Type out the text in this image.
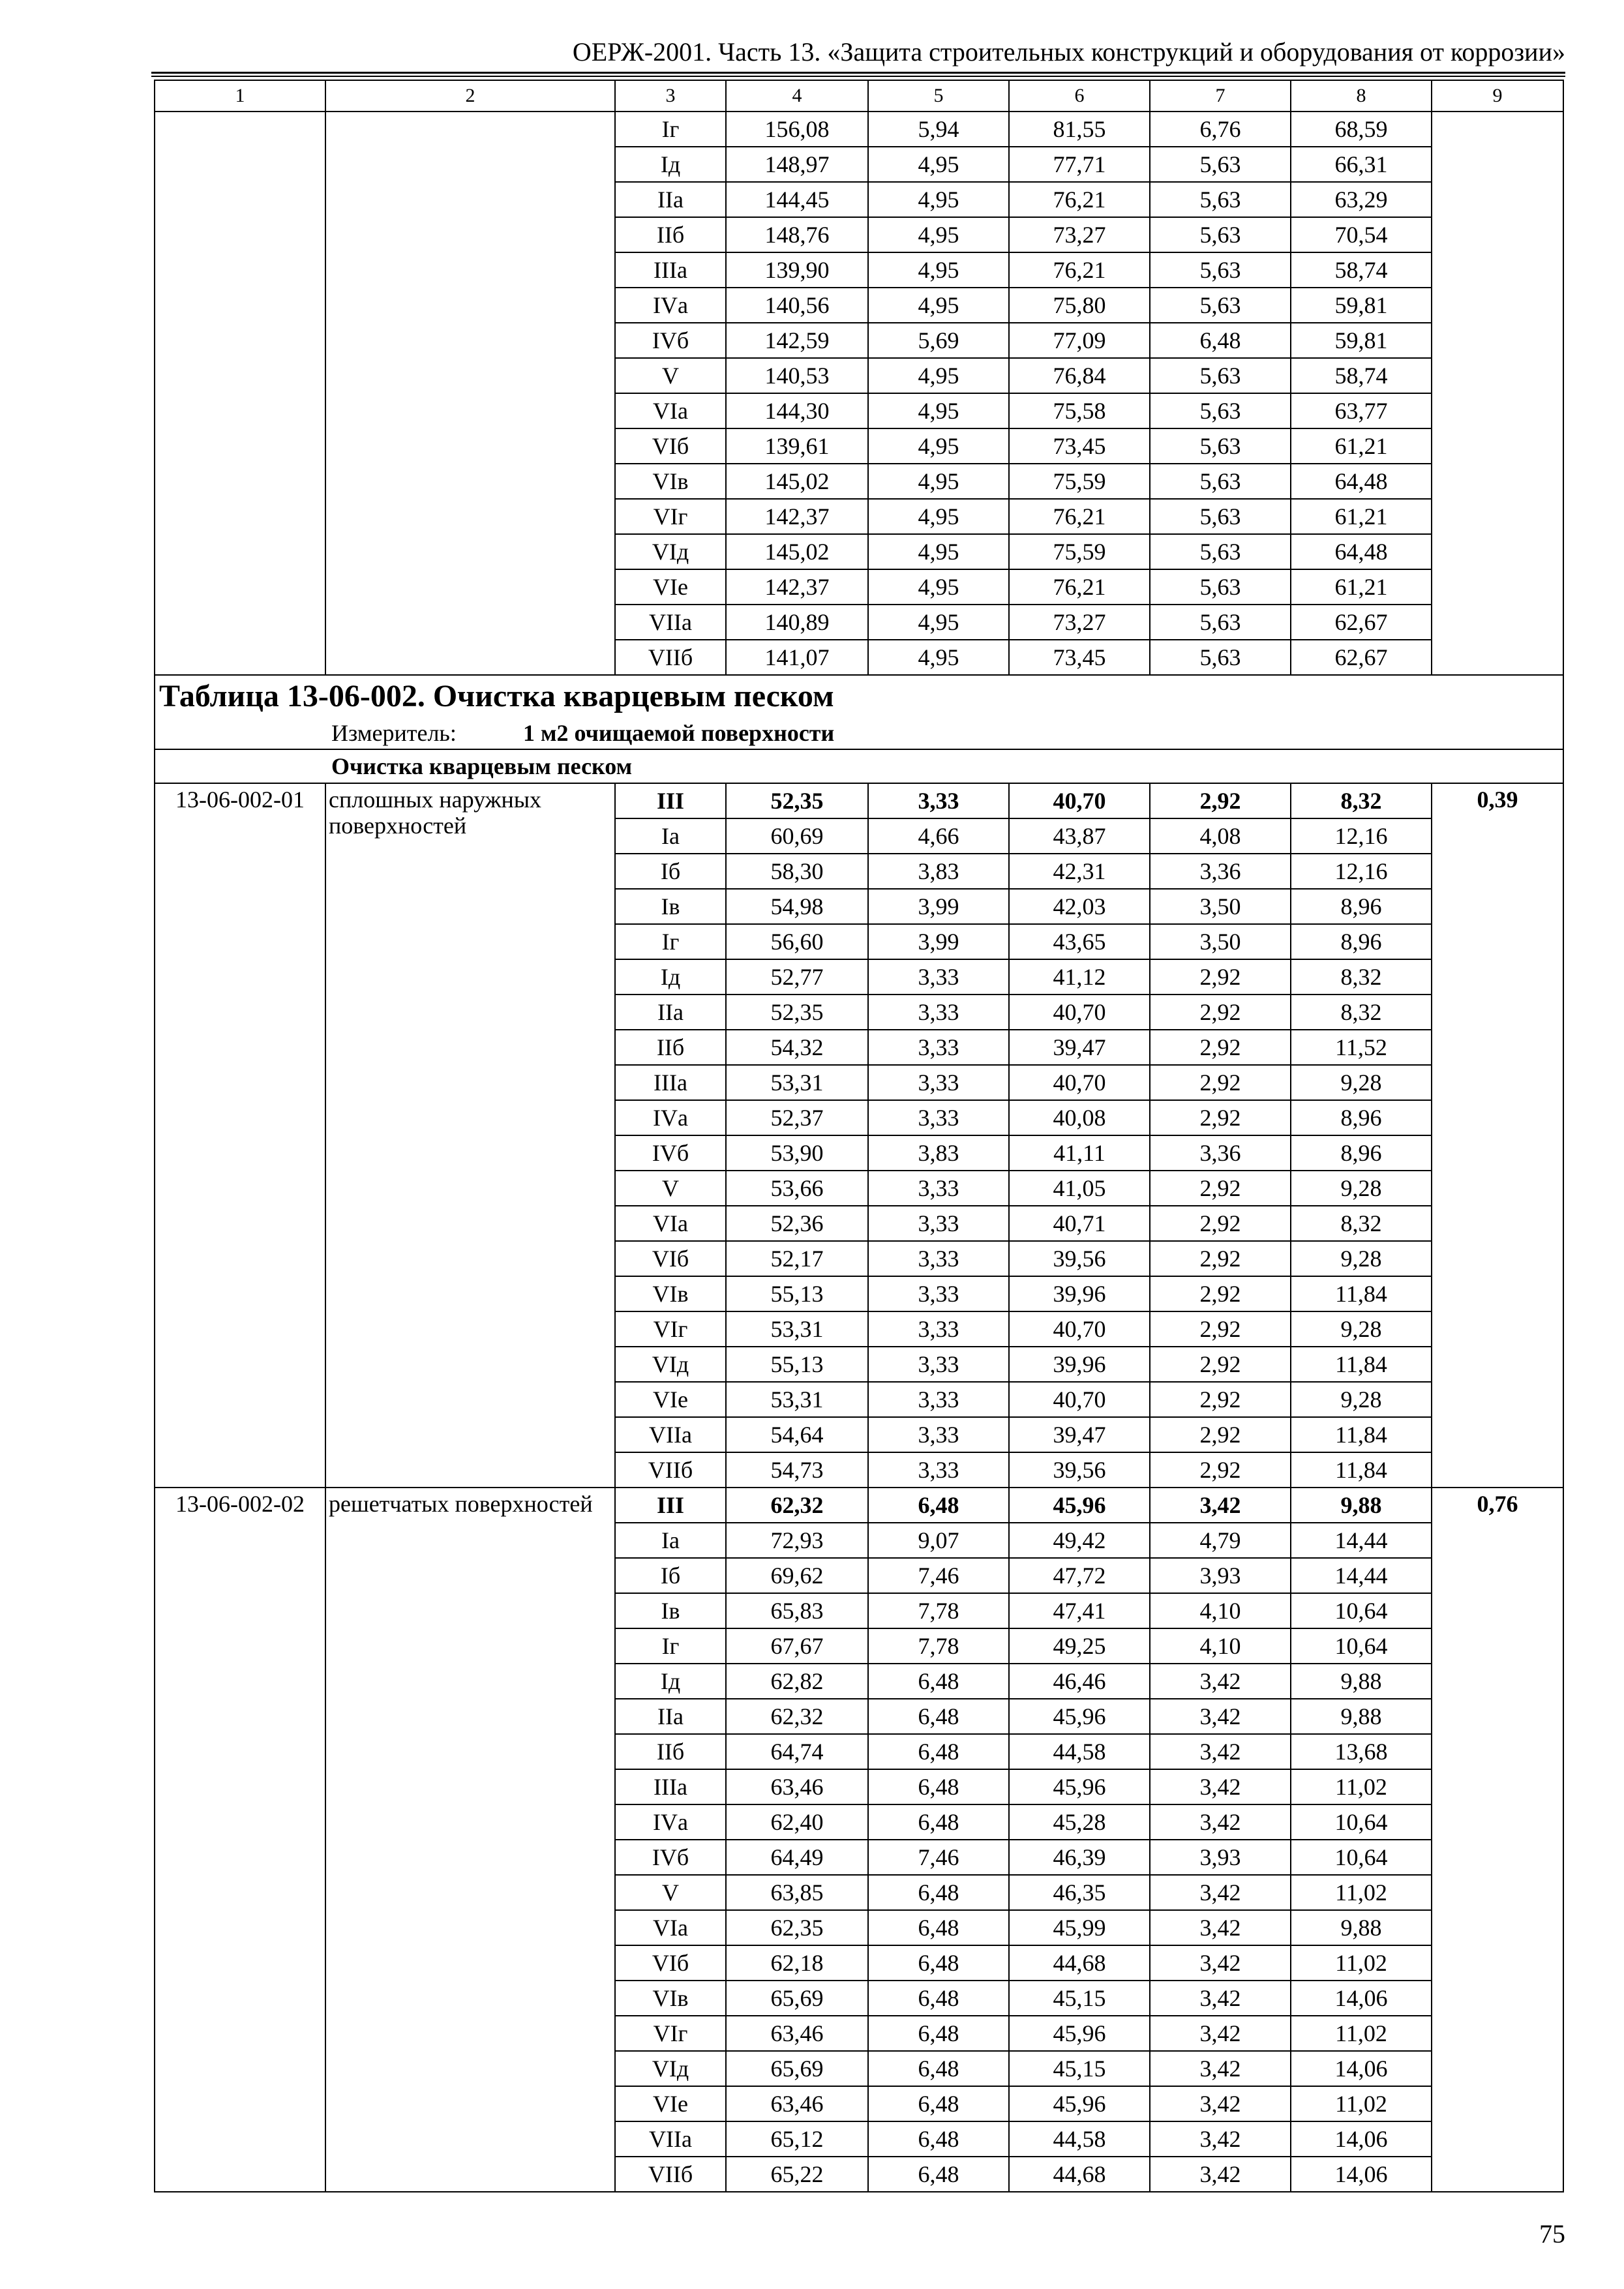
ОЕРЖ-2001. Часть 13. «Защита строительных конструкций и оборудования от коррозии»
1	2	3	4	5	6	7	8	9
		Iг	156,08	5,94	81,55	6,76	68,59	
		Iд	148,97	4,95	77,71	5,63	66,31	
		IIа	144,45	4,95	76,21	5,63	63,29	
		IIб	148,76	4,95	73,27	5,63	70,54	
		IIIа	139,90	4,95	76,21	5,63	58,74	
		IVа	140,56	4,95	75,80	5,63	59,81	
		IVб	142,59	5,69	77,09	6,48	59,81	
		V	140,53	4,95	76,84	5,63	58,74	
		VIа	144,30	4,95	75,58	5,63	63,77	
		VIб	139,61	4,95	73,45	5,63	61,21	
		VIв	145,02	4,95	75,59	5,63	64,48	
		VIг	142,37	4,95	76,21	5,63	61,21	
		VIд	145,02	4,95	75,59	5,63	64,48	
		VIе	142,37	4,95	76,21	5,63	61,21	
		VIIа	140,89	4,95	73,27	5,63	62,67	
		VIIб	141,07	4,95	73,45	5,63	62,67	
Таблица 13-06-002. Очистка кварцевым песком								
Измеритель: 1 м2 очищаемой поверхности								
Очистка кварцевым песком								
13-06-002-01	сплошных наружных поверхностей	III	52,35	3,33	40,70	2,92	8,32	0,39
		Iа	60,69	4,66	43,87	4,08	12,16	
		Iб	58,30	3,83	42,31	3,36	12,16	
		Iв	54,98	3,99	42,03	3,50	8,96	
		Iг	56,60	3,99	43,65	3,50	8,96	
		Iд	52,77	3,33	41,12	2,92	8,32	
		IIа	52,35	3,33	40,70	2,92	8,32	
		IIб	54,32	3,33	39,47	2,92	11,52	
		IIIа	53,31	3,33	40,70	2,92	9,28	
		IVа	52,37	3,33	40,08	2,92	8,96	
		IVб	53,90	3,83	41,11	3,36	8,96	
		V	53,66	3,33	41,05	2,92	9,28	
		VIа	52,36	3,33	40,71	2,92	8,32	
		VIб	52,17	3,33	39,56	2,92	9,28	
		VIв	55,13	3,33	39,96	2,92	11,84	
		VIг	53,31	3,33	40,70	2,92	9,28	
		VIд	55,13	3,33	39,96	2,92	11,84	
		VIе	53,31	3,33	40,70	2,92	9,28	
		VIIа	54,64	3,33	39,47	2,92	11,84	
		VIIб	54,73	3,33	39,56	2,92	11,84	
13-06-002-02	решетчатых поверхностей	III	62,32	6,48	45,96	3,42	9,88	0,76
		Iа	72,93	9,07	49,42	4,79	14,44	
		Iб	69,62	7,46	47,72	3,93	14,44	
		Iв	65,83	7,78	47,41	4,10	10,64	
		Iг	67,67	7,78	49,25	4,10	10,64	
		Iд	62,82	6,48	46,46	3,42	9,88	
		IIа	62,32	6,48	45,96	3,42	9,88	
		IIб	64,74	6,48	44,58	3,42	13,68	
		IIIа	63,46	6,48	45,96	3,42	11,02	
		IVа	62,40	6,48	45,28	3,42	10,64	
		IVб	64,49	7,46	46,39	3,93	10,64	
		V	63,85	6,48	46,35	3,42	11,02	
		VIа	62,35	6,48	45,99	3,42	9,88	
		VIб	62,18	6,48	44,68	3,42	11,02	
		VIв	65,69	6,48	45,15	3,42	14,06	
		VIг	63,46	6,48	45,96	3,42	11,02	
		VIд	65,69	6,48	45,15	3,42	14,06	
		VIе	63,46	6,48	45,96	3,42	11,02	
		VIIа	65,12	6,48	44,58	3,42	14,06	
		VIIб	65,22	6,48	44,68	3,42	14,06	
75
